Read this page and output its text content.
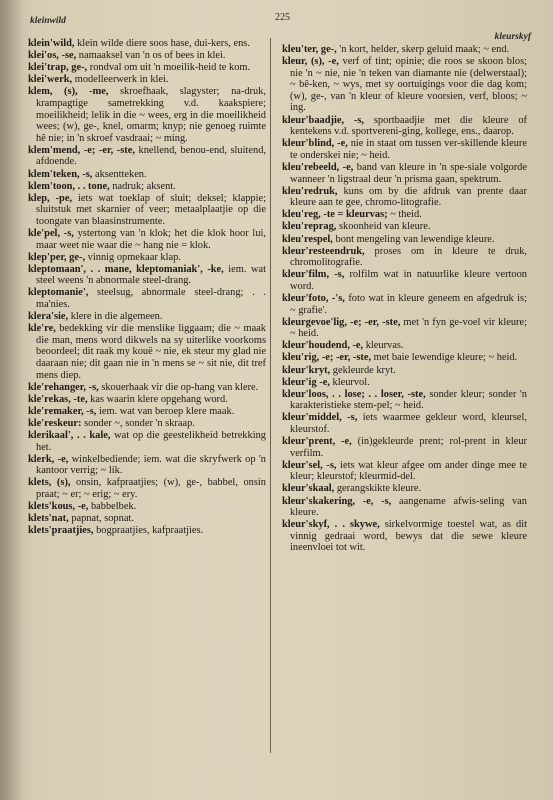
kleinwild	225
kleurskyf

klein'wild, klein wilde diere soos hase, dui-kers, ens.

klei'os, -se, namaaksel van 'n os of bees in klei.

klei'trap, ge-, rondval om uit 'n moeilik-heid te kom.

klei'werk, modelleerwerk in klei.

klem, (s), -me, skroefhaak, slagyster; na-druk, krampagtige sametrekking v.d. kaakspiere; moeilikheid; lelik in die ~ wees, erg in die moeilikheid wees; (w), ge-, knel, omarm; knyp; nie genoeg ruimte hê nie; in 'n skroef vasdraai; ~ ming.

klem'mend, -e; -er, -ste, knellend, benou-end, sluitend, afdoende.

klem'teken, -s, aksentteken.

klem'toon, . . tone, nadruk; aksent.

klep, -pe, iets wat toeklap of sluit; deksel; klappie; sluitstuk met skarnier of veer; metaalplaatjie op die toongate van blaasinstrumente.

kle'pel, -s, ystertong van 'n klok; het die klok hoor lui, maar weet nie waar die ~ hang nie = klok.

klep'per, ge-, vinnig opmekaar klap.

kleptomaan', . . mane, kleptomaniak', -ke, iem. wat steel weens 'n abnormale steel-drang.

kleptomanie', steelsug, abnormale steel-drang; . . ma'nies.

klera'sie, klere in die algemeen.

kle're, bedekking vir die menslike liggaam; die ~ maak die man, mens word dikwels na sy uiterlike voorkoms beoordeel; dit raak my kouë ~ nie, ek steur my glad nie daaraan nie; dit gaan nie in 'n mens se ~ sit nie, dit tref mens diep.

kle'rehanger, -s, skouerhaak vir die op-hang van klere.

kle'rekas, -te, kas waarin klere opgehang word.

kle'remaker, -s, iem. wat van beroep klere maak.

kle'reskeur: sonder ~, sonder 'n skraap.

klerikaal', . . kale, wat op die geestelikheid betrekking het.

klerk, -e, winkelbediende; iem. wat die skryfwerk op 'n kantoor verrig; ~ lik.

klets, (s), onsin, kafpraatjies; (w), ge-, babbel, onsin praat; ~ er; ~ erig; ~ ery.

klets'kous, -e, babbelbek.

klets'nat, papnat, sopnat.

klets'praatjies, bogpraatjies, kafpraatjies.

kleu'ter, ge-, 'n kort, helder, skerp geluid maak; ~ end.

kleur, (s), -e, verf of tint; opinie; die roos se skoon blos; nie 'n ~ nie, nie 'n teken van diamante nie (delwerstaal); ~ bê-ken, ~ wys, met sy oortuigings voor die dag kom; (w), ge-, van 'n kleur of kleure voorsien, verf, bloos; ~ ing.

kleur'baadjie, -s, sportbaadjie met die kleure of kentekens v.d. sportvereni-ging, kollege, ens., daarop.

kleur'blind, -e, nie in staat om tussen ver-skillende kleure te onderskei nie; ~ heid.

kleu'rebeeld, -e, band van kleure in 'n spe-siale volgorde wanneer 'n ligstraal deur 'n prisma gaan, spektrum.

kleu'redruk, kuns om by die afdruk van prente daar kleure aan te gee, chromo-litografie.

kleu'reg, -te = kleurvas; ~ theid.

kleu'reprag, skoonheid van kleure.

kleu'respel, bont mengeling van lewendige kleure.

kleur'resteendruk, proses om in kleure te druk, chromolitografie.

kleur'film, -s, rolfilm wat in natuurlike kleure vertoon word.

kleur'foto, -'s, foto wat in kleure geneem en afgedruk is; ~ grafie'.

kleurgevoe'lig, -e; -er, -ste, met 'n fyn ge-voel vir kleure; ~ heid.

kleur'houdend, -e, kleurvas.

kleu'rig, -e; -er, -ste, met baie lewendige kleure; ~ heid.

kleur'kryt, gekleurde kryt.

kleur'ig -e, kleurvol.

kleur'loos, . . lose; . . loser, -ste, sonder kleur; sonder 'n karakteristieke stem-pel; ~ heid.

kleur'middel, -s, iets waarmee gekleur word, kleursel, kleurstof.

kleur'prent, -e, (in)gekleurde prent; rol-prent in kleur verfilm.

kleur'sel, -s, iets wat kleur afgee om ander dinge mee te kleur; kleurstof; kleurmid-del.

kleur'skaal, gerangskikte kleure.

kleur'skakering, -e, -s, aangename afwis-seling van kleure.

kleur'skyf, . . skywe, sirkelvormige toestel wat, as dit vinnig gedraai word, bewys dat die sewe kleure ineenvloei tot wit.
